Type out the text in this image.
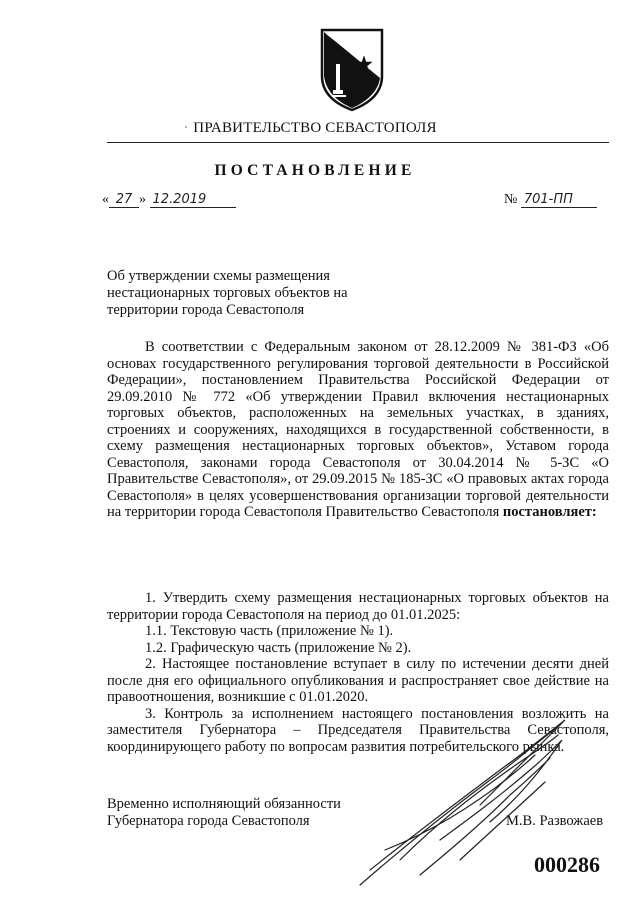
ПРАВИТЕЛЬСТВО СЕВАСТОПОЛЯ
ПОСТАНОВЛЕНИЕ
« 27 » 12.2019	№ 701-ПП
Об утверждении схемы размещения нестационарных торговых объектов на территории города Севастополя
В соответствии с Федеральным законом от 28.12.2009 № 381-ФЗ «Об основах государственного регулирования торговой деятельности в Российской Федерации», постановлением Правительства Российской Федерации от 29.09.2010 № 772 «Об утверждении Правил включения нестационарных торговых объектов, расположенных на земельных участках, в зданиях, строениях и сооружениях, находящихся в государственной собственности, в схему размещения нестационарных торговых объектов», Уставом города Севастополя, законами города Севастополя от 30.04.2014 № 5-ЗС «О Правительстве Севастополя», от 29.09.2015 № 185-ЗС «О правовых актах города Севастополя» в целях усовершенствования организации торговой деятельности на территории города Севастополя Правительство Севастополя постановляет:

1. Утвердить схему размещения нестационарных торговых объектов на территории города Севастополя на период до 01.01.2025:

1.1. Текстовую часть (приложение № 1).

1.2. Графическую часть (приложение № 2).

2. Настоящее постановление вступает в силу по истечении десяти дней после дня его официального опубликования и распространяет свое действие на правоотношения, возникшие с 01.01.2020.

3. Контроль за исполнением настоящего постановления возложить на заместителя Губернатора – Председателя Правительства Севастополя, координирующего работу по вопросам развития потребительского рынка.

Временно исполняющий обязанности
Губернатора города Севастополя	М.В. Развожаев
000286
